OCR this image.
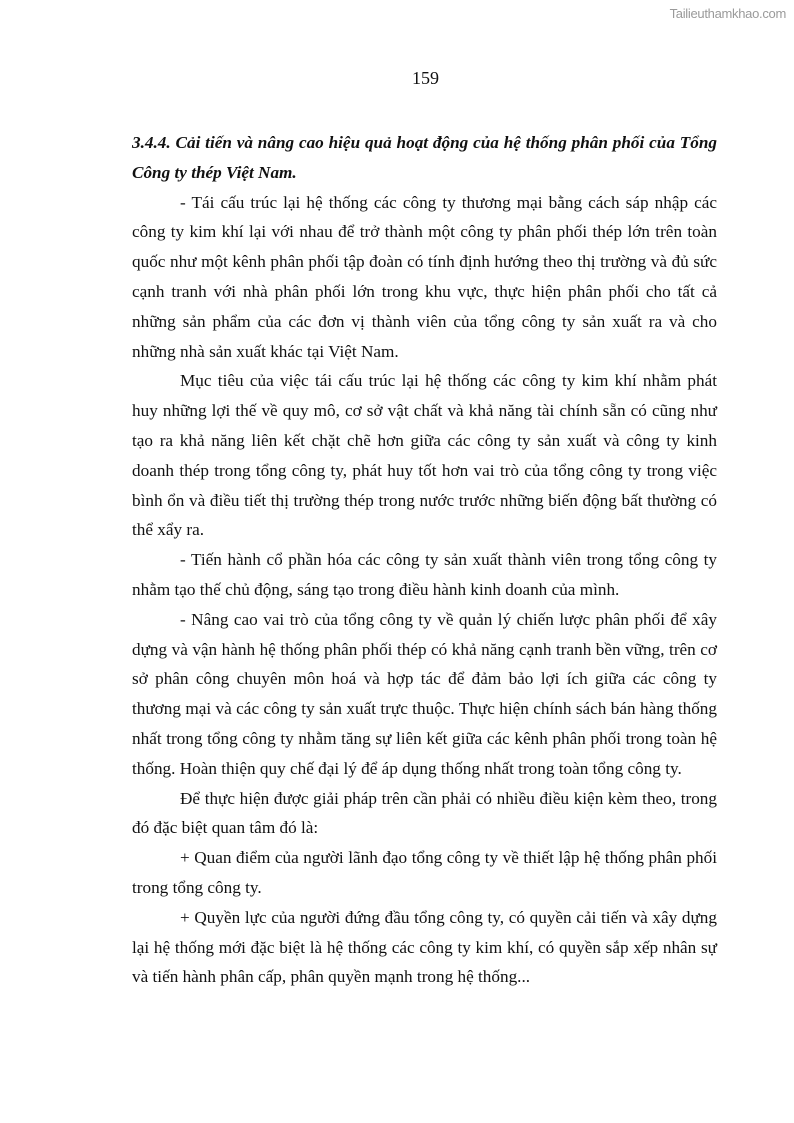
Tailieuthamkhao.com
159
3.4.4. Cải tiến và nâng cao hiệu quả hoạt động của hệ thống phân phối của Tổng
Công ty thép Việt Nam.
- Tái cấu trúc lại hệ thống các công ty thương mại bằng cách sáp nhập các
công ty kim khí lại với nhau để trở thành một công ty phân phối thép lớn trên toàn
quốc như một kênh phân phối tập đoàn có tính định hướng theo thị trường và đủ sức
cạnh tranh với nhà phân phối lớn trong khu vực, thực hiện phân phối cho tất cả
những sản phẩm của các đơn vị thành viên của tổng công ty sản xuất ra và cho
những nhà sản xuất khác tại Việt Nam.
Mục tiêu của việc tái cấu trúc lại hệ thống các công ty kim khí nhằm phát
huy những lợi thế về quy mô, cơ sở vật chất và khả năng tài chính sẵn có cũng như
tạo ra khả năng liên kết chặt chẽ hơn giữa các công ty sản xuất và công ty kinh
doanh thép trong tổng công ty, phát huy tốt hơn vai trò của tổng công ty trong việc
bình ổn và điều tiết thị trường thép trong nước trước những biến động bất thường có
thể xẩy ra.
- Tiến hành cổ phần hóa các công ty sản xuất thành viên trong tổng công ty
nhằm tạo thế chủ động, sáng tạo trong điều hành kinh doanh của mình.
- Nâng cao vai trò của tổng công ty về quản lý chiến lược phân phối để xây
dựng và vận hành hệ thống phân phối thép có khả năng cạnh tranh bền vững, trên cơ
sở phân công chuyên môn hoá và hợp tác để đảm bảo lợi ích giữa các công ty
thương mại và các công ty sản xuất trực thuộc. Thực hiện chính sách bán hàng thống
nhất trong tổng công ty nhằm tăng sự liên kết giữa các kênh phân phối trong toàn hệ
thống. Hoàn thiện quy chế đại lý để áp dụng thống nhất trong toàn tổng công ty.
Để thực hiện được giải pháp trên cần phải có nhiều điều kiện kèm theo, trong
đó đặc biệt quan tâm đó là:
+ Quan điểm của người lãnh đạo tổng công ty về thiết lập hệ thống phân phối
trong tổng công ty.
+ Quyền lực của người đứng đầu tổng công ty, có quyền cải tiến và xây dựng
lại hệ thống mới đặc biệt là hệ thống các công ty kim khí, có quyền sắp xếp nhân sự
và tiến hành phân cấp, phân quyền mạnh trong hệ thống...
